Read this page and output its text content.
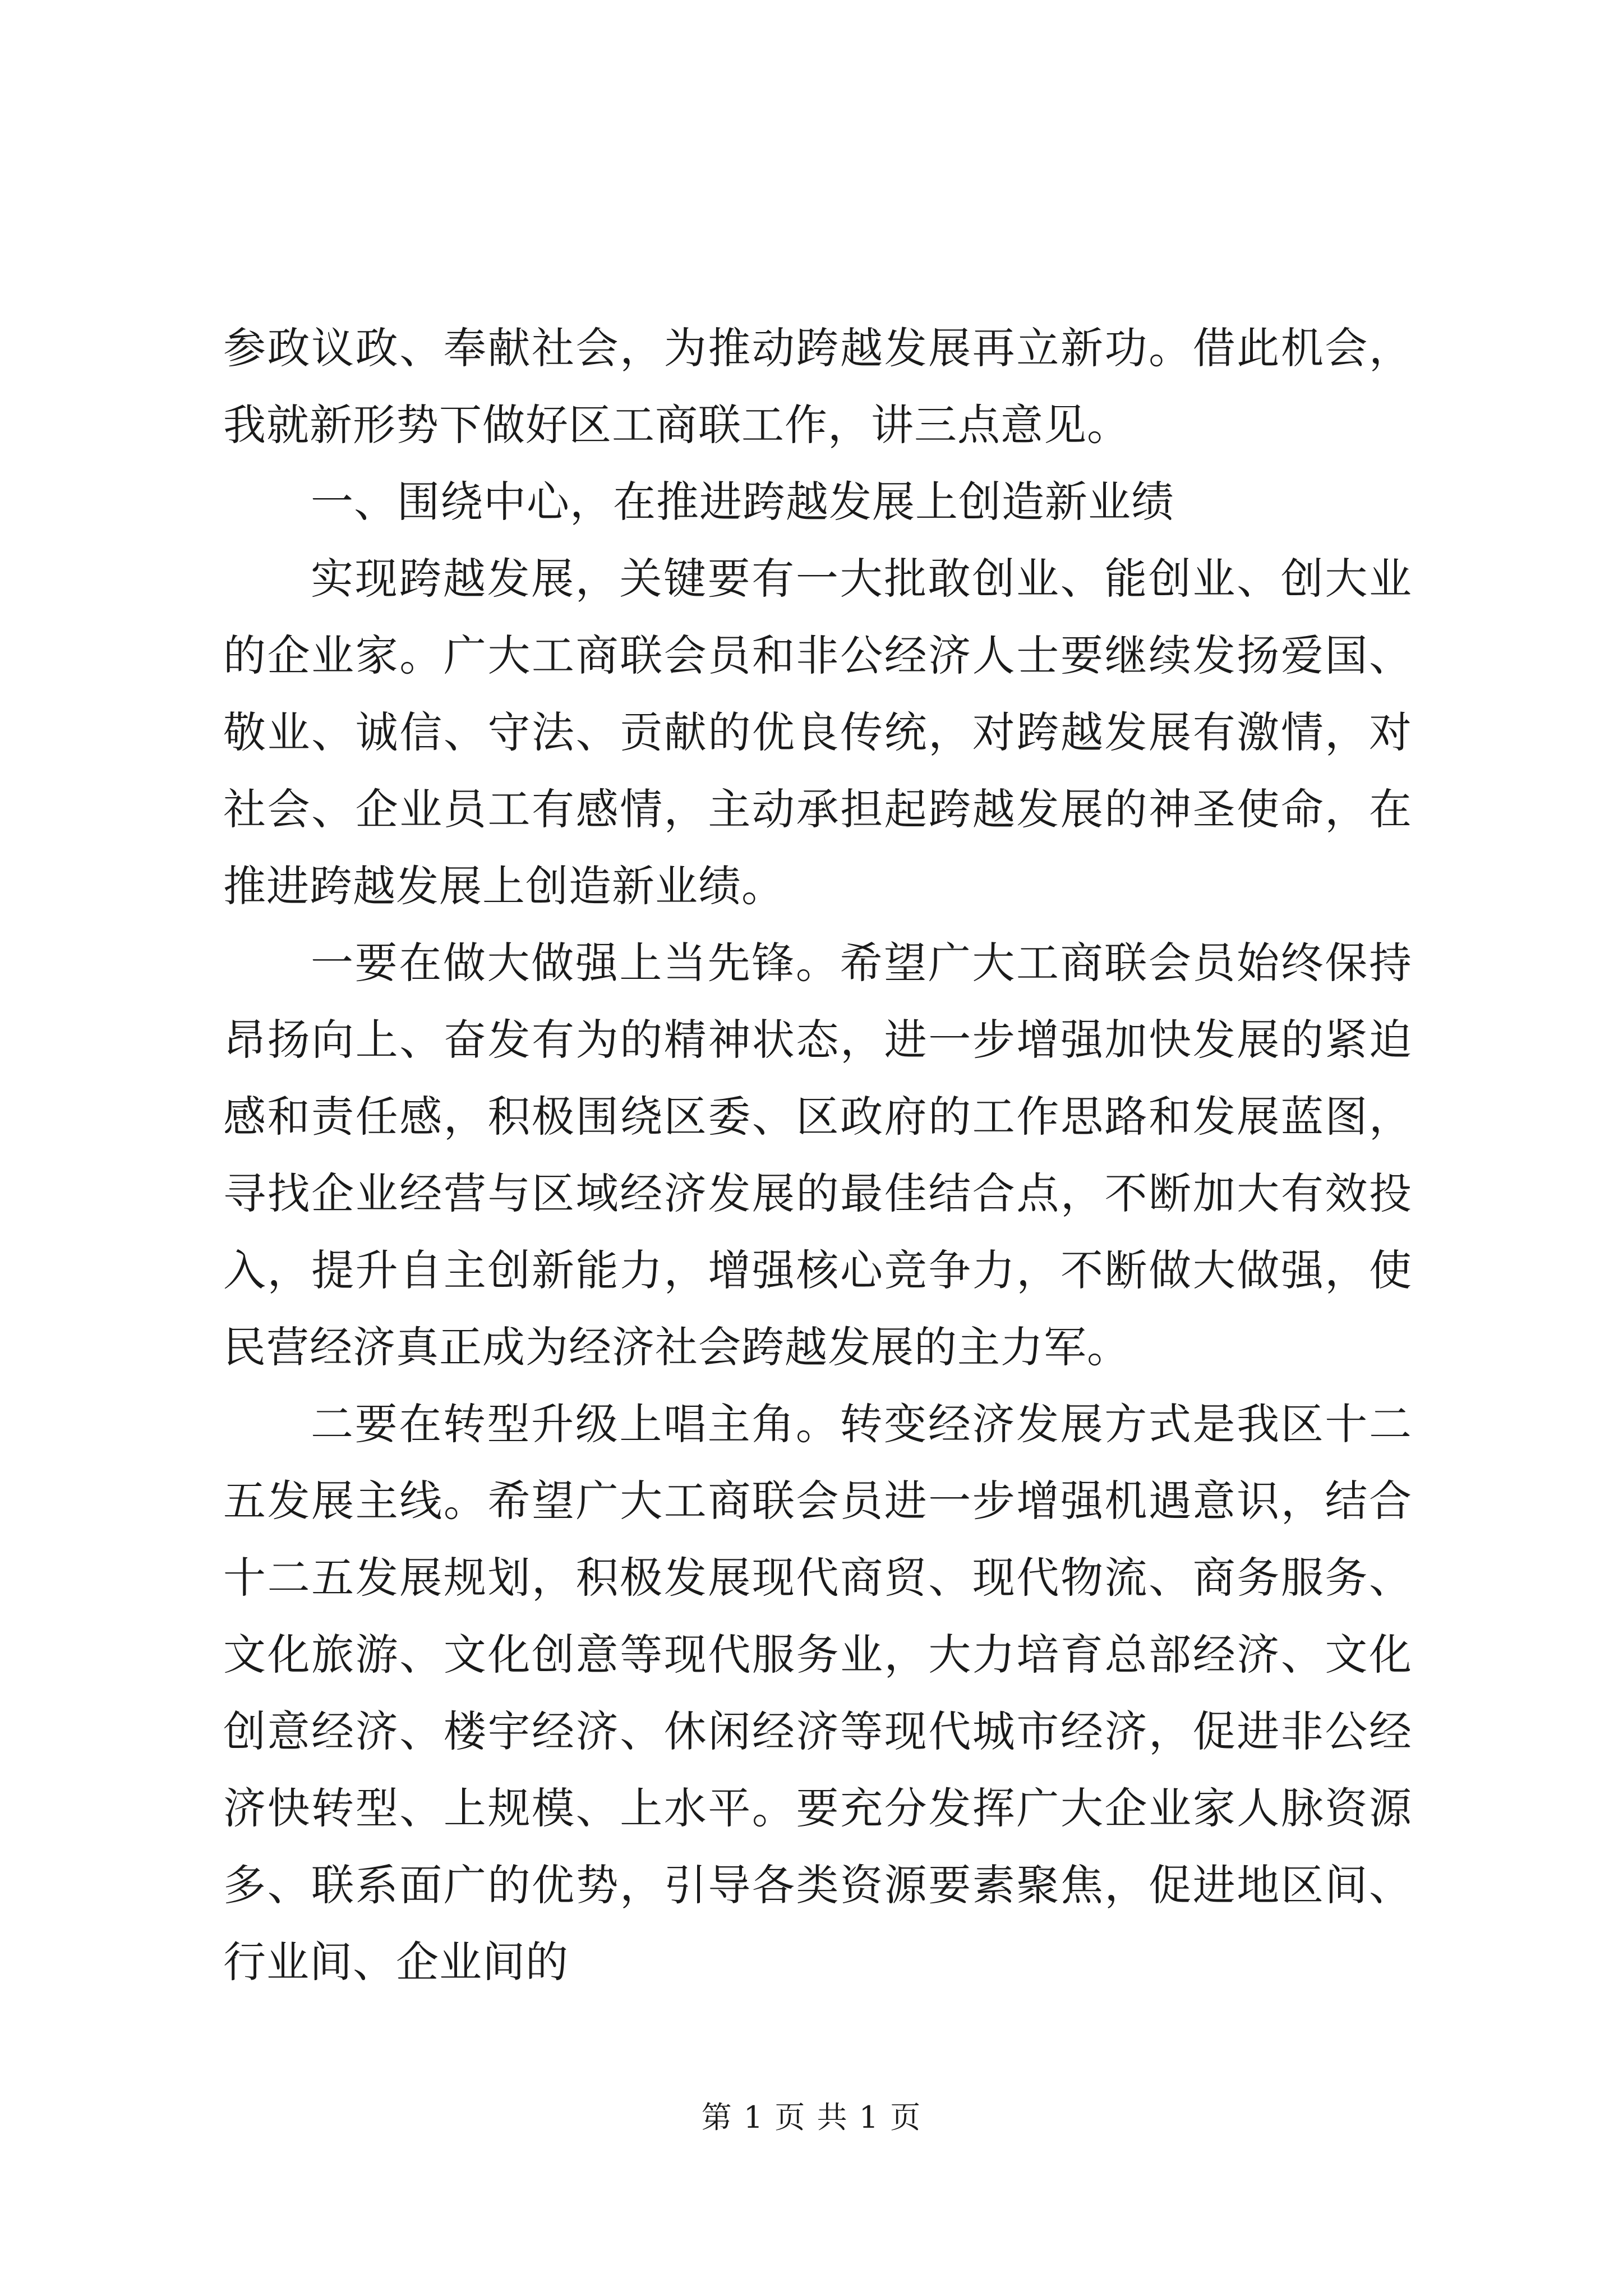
参政议政、奉献社会，为推动跨越发展再立新功。借此机会，我就新形势下做好区工商联工作，讲三点意见。

一、围绕中心，在推进跨越发展上创造新业绩

实现跨越发展，关键要有一大批敢创业、能创业、创大业的企业家。广大工商联会员和非公经济人士要继续发扬爱国、敬业、诚信、守法、贡献的优良传统，对跨越发展有激情，对社会、企业员工有感情，主动承担起跨越发展的神圣使命，在推进跨越发展上创造新业绩。

一要在做大做强上当先锋。希望广大工商联会员始终保持昂扬向上、奋发有为的精神状态，进一步增强加快发展的紧迫感和责任感，积极围绕区委、区政府的工作思路和发展蓝图，寻找企业经营与区域经济发展的最佳结合点，不断加大有效投入，提升自主创新能力，增强核心竞争力，不断做大做强，使民营经济真正成为经济社会跨越发展的主力军。

二要在转型升级上唱主角。转变经济发展方式是我区十二五发展主线。希望广大工商联会员进一步增强机遇意识，结合十二五发展规划，积极发展现代商贸、现代物流、商务服务、文化旅游、文化创意等现代服务业，大力培育总部经济、文化创意经济、楼宇经济、休闲经济等现代城市经济，促进非公经济快转型、上规模、上水平。要充分发挥广大企业家人脉资源多、联系面广的优势，引导各类资源要素聚焦，促进地区间、行业间、企业间的

第 1 页 共 1 页
